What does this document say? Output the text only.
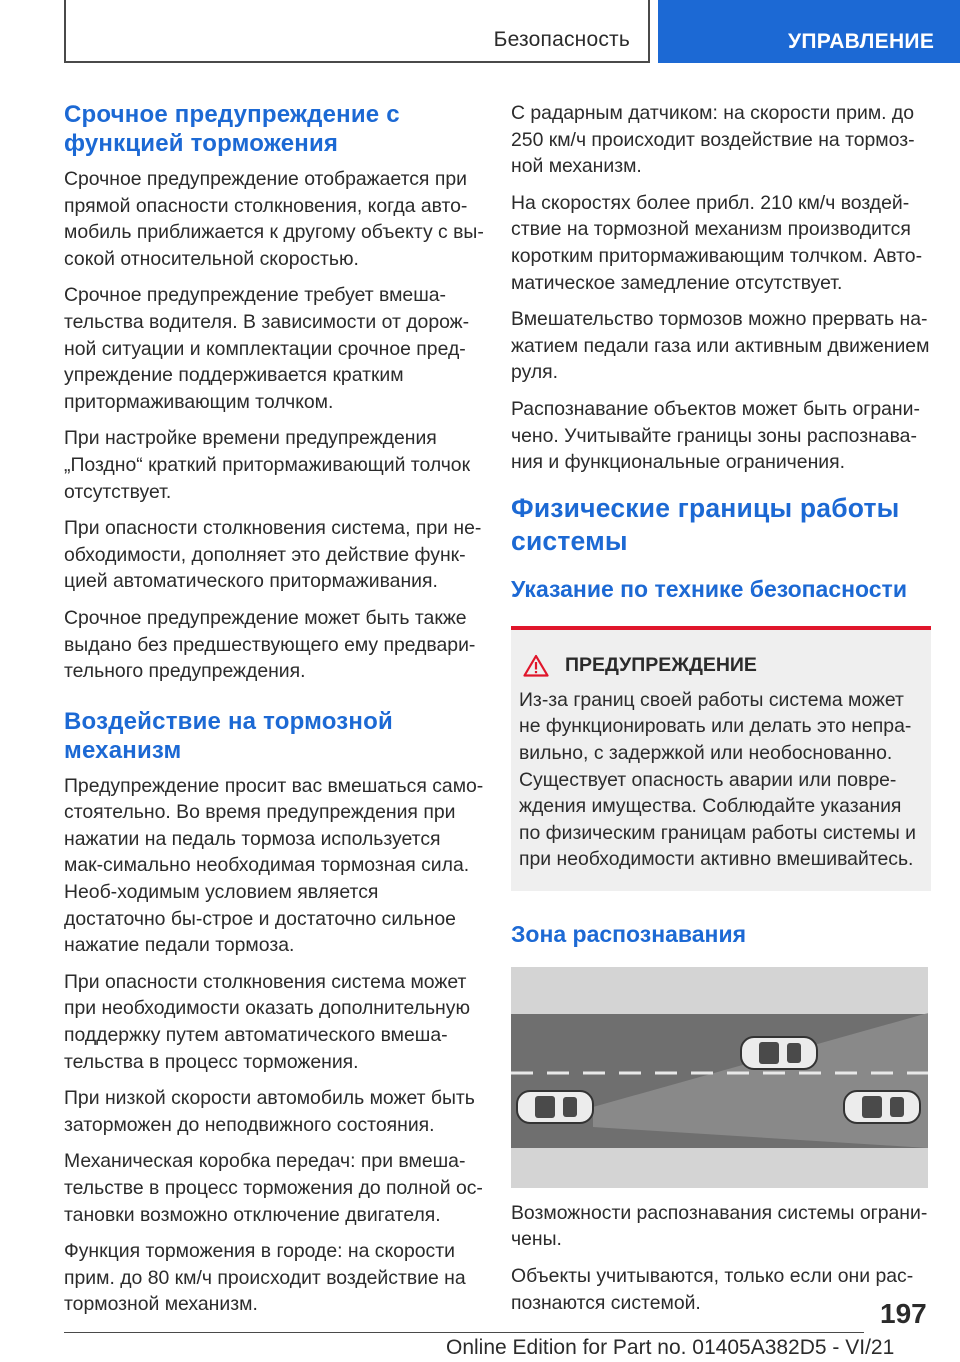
Безопасность	УПРАВЛЕНИЕ
Срочное предупреждение с функцией торможения

Срочное предупреждение отображается при прямой опасности столкновения, когда авто-мобиль приближается к другому объекту с вы-сокой относительной скоростью.

Срочное предупреждение требует вмеша-тельства водителя. В зависимости от дорож-ной ситуации и комплектации срочное пред-упреждение поддерживается кратким притормаживающим толчком.

При настройке времени предупреждения „Поздно“ краткий притормаживающий толчок отсутствует.

При опасности столкновения система, при не-обходимости, дополняет это действие функ-цией автоматического притормаживания.

Срочное предупреждение может быть также выдано без предшествующего ему предвари-тельного предупреждения.

Воздействие на тормозной механизм

Предупреждение просит вас вмешаться само-стоятельно. Во время предупреждения при нажатии на педаль тормоза используется мак-симально необходимая тормозная сила. Необ-ходимым условием является достаточно бы-строе и достаточно сильное нажатие педали тормоза.

При опасности столкновения система может при необходимости оказать дополнительную поддержку путем автоматического вмеша-тельства в процесс торможения.

При низкой скорости автомобиль может быть заторможен до неподвижного состояния.

Механическая коробка передач: при вмеша-тельстве в процесс торможения до полной ос-тановки возможно отключение двигателя.

Функция торможения в городе: на скорости прим. до 80 км/ч происходит воздействие на тормозной механизм.

С радарным датчиком: на скорости прим. до 250 км/ч происходит воздействие на тормоз-ной механизм.

На скоростях более прибл. 210 км/ч воздей-ствие на тормозной механизм производится коротким притормаживающим толчком. Авто-матическое замедление отсутствует.

Вмешательство тормозов можно прервать на-жатием педали газа или активным движением руля.

Распознавание объектов может быть ограни-чено. Учитывайте границы зоны распознава-ния и функциональные ограничения.

Физические границы работы системы
Указание по технике безопасности
ПРЕДУПРЕЖДЕНИЕ

Из-за границ своей работы система может не функционировать или делать это непра-вильно, с задержкой или необоснованно. Существует опасность аварии или повре-ждения имущества. Соблюдайте указания по физическим границам работы системы и при необходимости активно вмешивайтесь.

Зона распознавания

Возможности распознавания системы ограни-чены.

Объекты учитываются, только если они рас-познаются системой.	197
Online Edition for Part no. 01405A382D5 - VI/21
